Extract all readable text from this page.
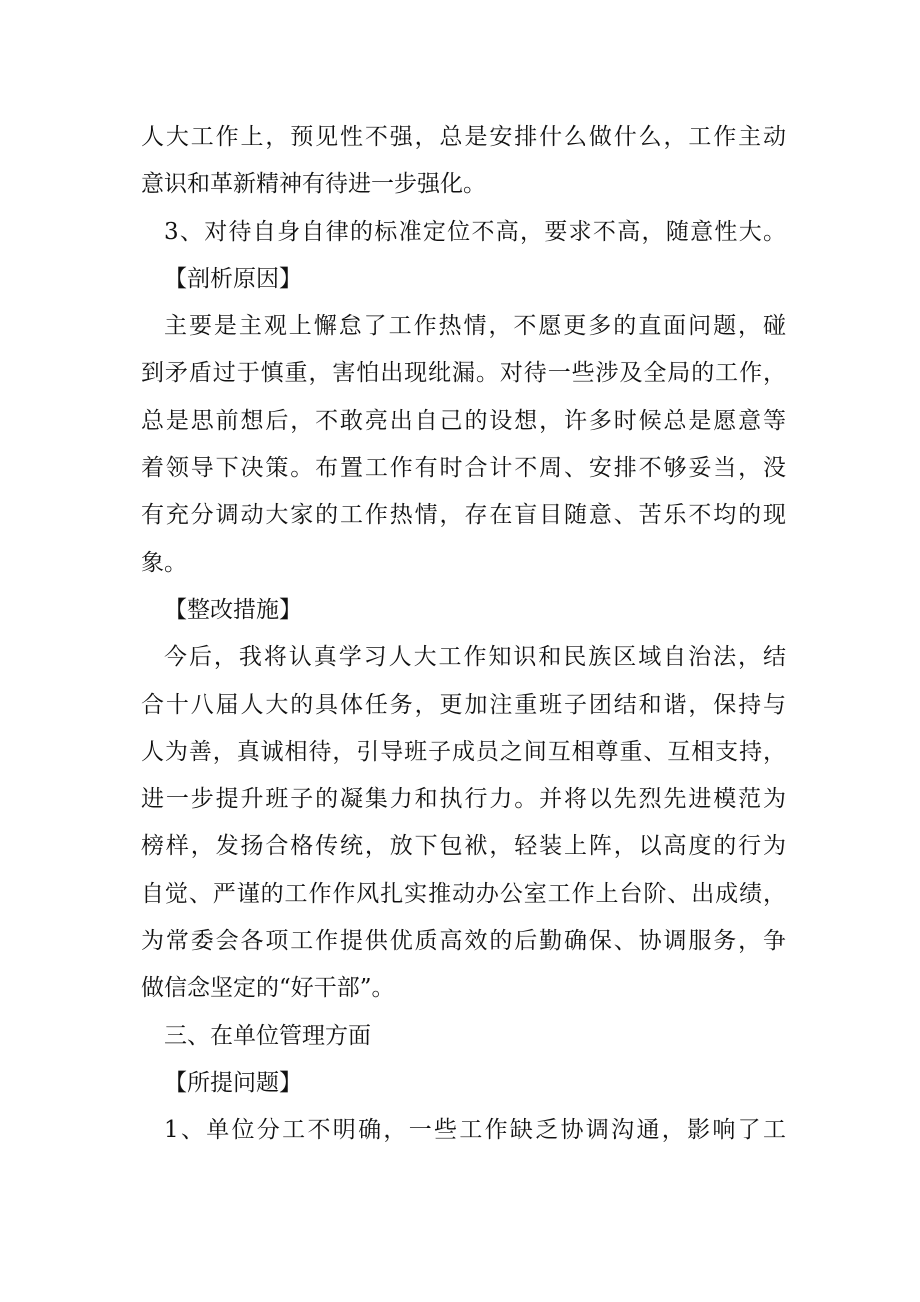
人大工作上，预见性不强，总是安排什么做什么，工作主动
意识和革新精神有待进一步强化。
3、对待自身自律的标准定位不高，要求不高，随意性大。
【剖析原因】
主要是主观上懈怠了工作热情，不愿更多的直面问题，碰
到矛盾过于慎重，害怕出现纰漏。对待一些涉及全局的工作，
总是思前想后，不敢亮出自己的设想，许多时候总是愿意等
着领导下决策。布置工作有时合计不周、安排不够妥当，没
有充分调动大家的工作热情，存在盲目随意、苦乐不均的现
象。
【整改措施】
今后，我将认真学习人大工作知识和民族区域自治法，结
合十八届人大的具体任务，更加注重班子团结和谐，保持与
人为善，真诚相待，引导班子成员之间互相尊重、互相支持，
进一步提升班子的凝集力和执行力。并将以先烈先进模范为
榜样，发扬合格传统，放下包袱，轻装上阵，以高度的行为
自觉、严谨的工作作风扎实推动办公室工作上台阶、出成绩，
为常委会各项工作提供优质高效的后勤确保、协调服务，争
做信念坚定的“好干部”。
三、在单位管理方面
【所提问题】
1、单位分工不明确，一些工作缺乏协调沟通，影响了工
